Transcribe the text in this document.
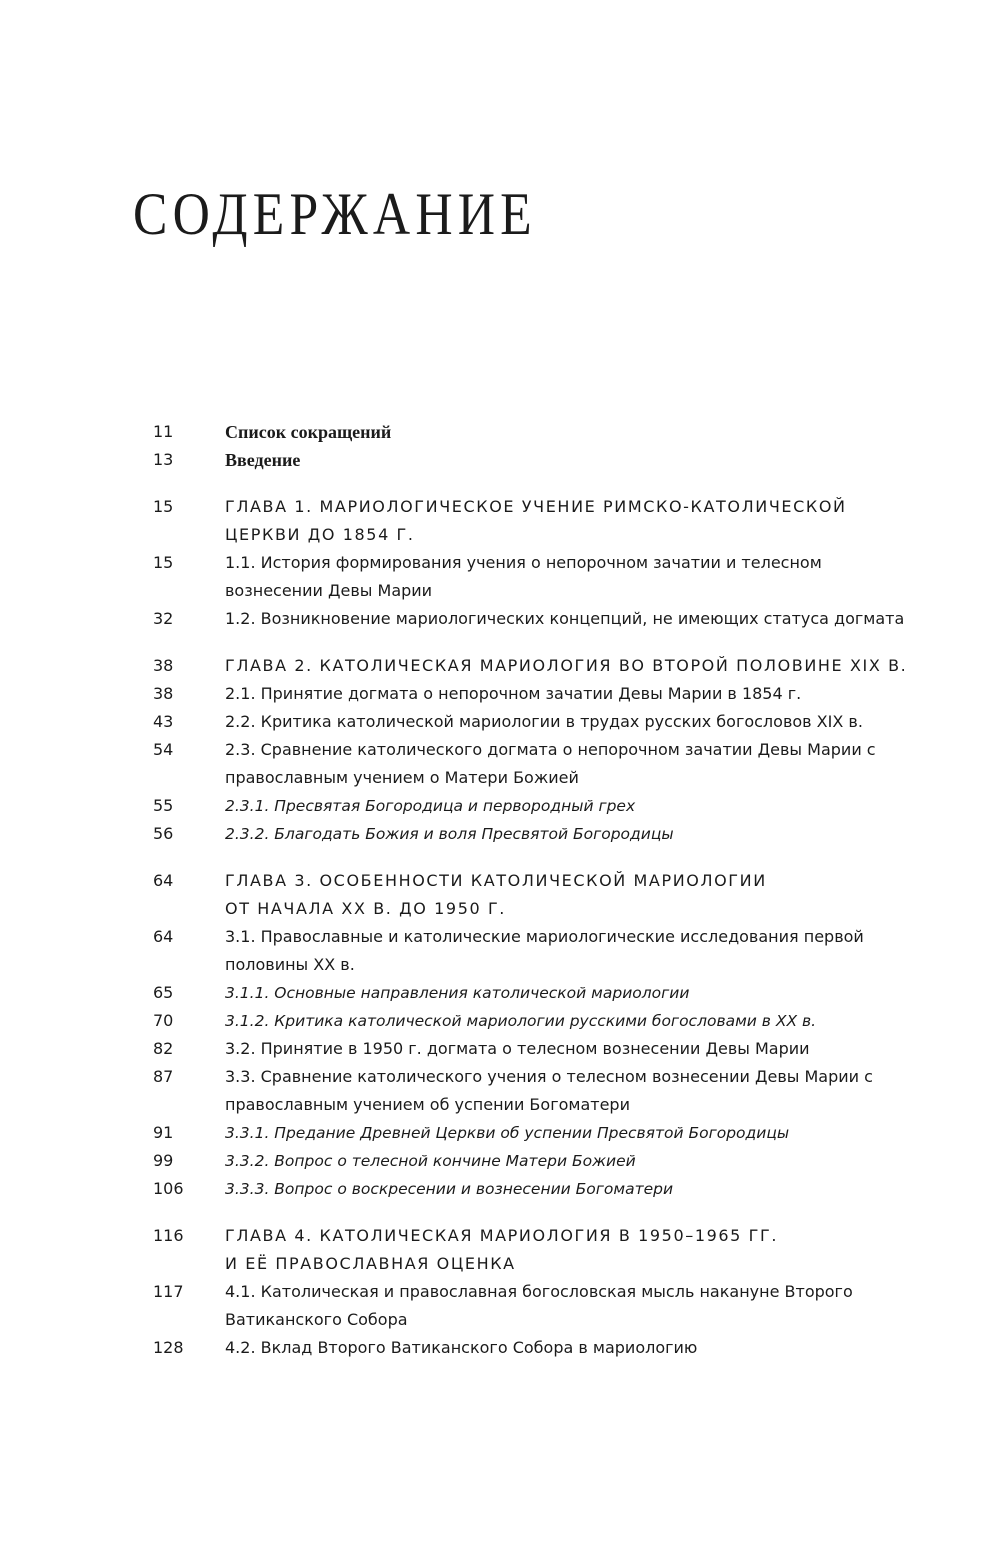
СОДЕРЖАНИЕ
11	Список сокращений
13	Введение
15	ГЛАВА 1. МАРИОЛОГИЧЕСКОЕ УЧЕНИЕ РИМСКО-КАТОЛИЧЕСКОЙ
ЦЕРКВИ ДО 1854 Г.
15	1.1. История формирования учения о непорочном зачатии и телесном
вознесении Девы Марии
32	1.2. Возникновение мариологических концепций, не имеющих статуса догмата
38	ГЛАВА 2. КАТОЛИЧЕСКАЯ МАРИОЛОГИЯ ВО ВТОРОЙ ПОЛОВИНЕ XIX В.
38	2.1. Принятие догмата о непорочном зачатии Девы Марии в 1854 г.
43	2.2. Критика католической мариологии в трудах русских богословов XIX в.
54	2.3. Сравнение католического догмата о непорочном зачатии Девы Марии с
православным учением о Матери Божией
55	2.3.1. Пресвятая Богородица и первородный грех
56	2.3.2. Благодать Божия и воля Пресвятой Богородицы
64	ГЛАВА 3. ОСОБЕННОСТИ КАТОЛИЧЕСКОЙ МАРИОЛОГИИ
ОТ НАЧАЛА XX В. ДО 1950 Г.
64	3.1. Православные и католические мариологические исследования первой
половины XX в.
65	3.1.1. Основные направления католической мариологии
70	3.1.2. Критика католической мариологии русскими богословами в XX в.
82	3.2. Принятие в 1950 г. догмата о телесном вознесении Девы Марии
87	3.3. Сравнение католического учения о телесном вознесении Девы Марии с
православным учением об успении Богоматери
91	3.3.1. Предание Древней Церкви об успении Пресвятой Богородицы
99	3.3.2. Вопрос о телесной кончине Матери Божией
106	3.3.3. Вопрос о воскресении и вознесении Богоматери
116	ГЛАВА 4. КАТОЛИЧЕСКАЯ МАРИОЛОГИЯ В 1950–1965 ГГ.
И ЕЁ ПРАВОСЛАВНАЯ ОЦЕНКА
117	4.1. Католическая и православная богословская мысль накануне Второго
Ватиканского Собора
128	4.2. Вклад Второго Ватиканского Собора в мариологию
